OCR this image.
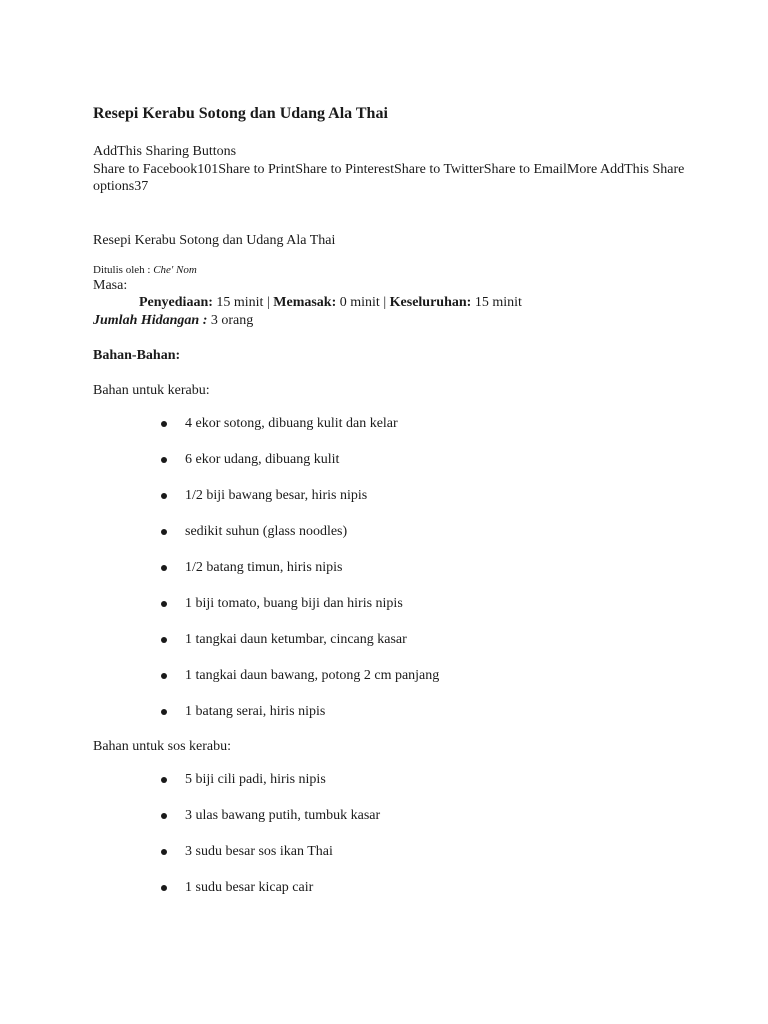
Resepi Kerabu Sotong dan Udang Ala Thai
AddThis Sharing Buttons
Share to Facebook101Share to PrintShare to PinterestShare to TwitterShare to EmailMore AddThis Share options37
Resepi Kerabu Sotong dan Udang Ala Thai
Ditulis oleh : Che' Nom
Masa:
Penyediaan: 15 minit | Memasak: 0 minit | Keseluruhan: 15 minit
Jumlah Hidangan : 3 orang
Bahan-Bahan:
Bahan untuk kerabu:
4 ekor sotong, dibuang kulit dan kelar
6 ekor udang, dibuang kulit
1/2 biji bawang besar, hiris nipis
sedikit suhun (glass noodles)
1/2 batang timun, hiris nipis
1 biji tomato, buang biji dan hiris nipis
1 tangkai daun ketumbar, cincang kasar
1 tangkai daun bawang, potong 2 cm panjang
1 batang serai, hiris nipis
Bahan untuk sos kerabu:
5 biji cili padi, hiris nipis
3 ulas bawang putih, tumbuk kasar
3 sudu besar sos ikan Thai
1 sudu besar kicap cair
